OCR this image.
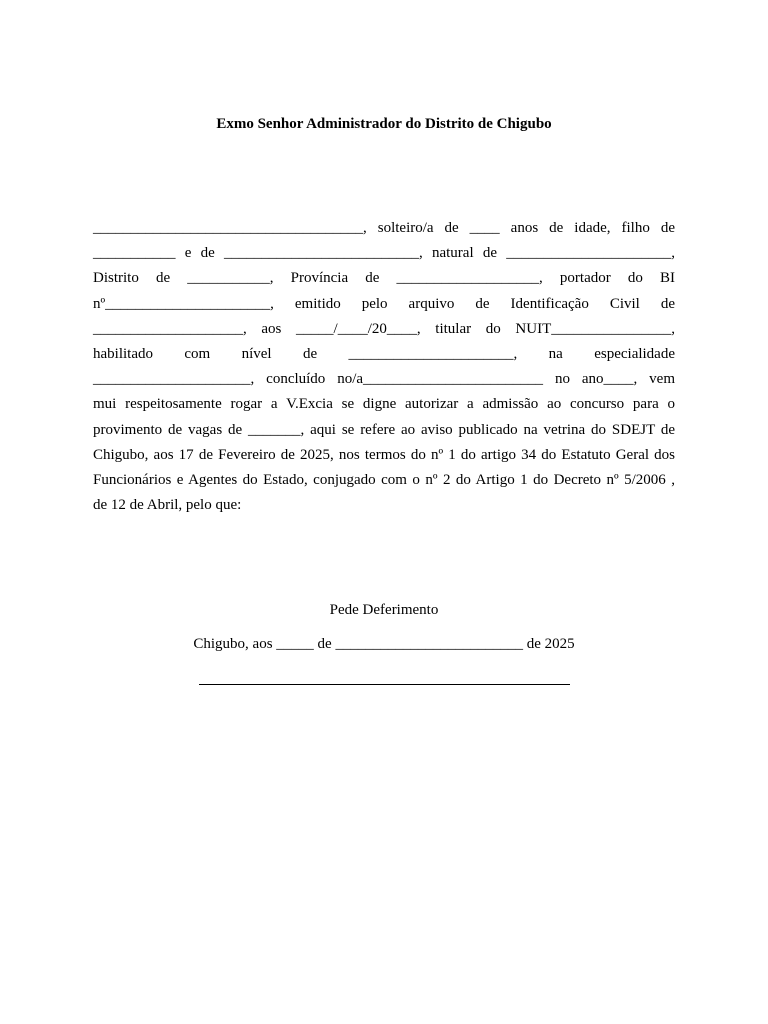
Exmo Senhor Administrador do Distrito de Chigubo
____________________________________, solteiro/a de ____ anos de idade, filho de
___________ e de __________________________, natural de ______________________,
Distrito de ___________, Província de ___________________, portador do BI
nº______________________, emitido pelo arquivo de Identificação Civil de
____________________, aos _____/____/20____, titular do NUIT________________,
habilitado com nível de ______________________, na especialidade
_____________________, concluído no/a________________________ no ano____, vem
mui respeitosamente rogar a V.Excia se digne autorizar a admissão ao concurso para o
provimento de vagas de _______, aqui se refere ao aviso publicado na vetrina do SDEJT de
Chigubo, aos 17 de Fevereiro de 2025, nos termos do nº 1 do artigo 34 do Estatuto Geral dos
Funcionários e Agentes do Estado, conjugado com o nº 2 do Artigo 1 do Decreto nº 5/2006 ,
de 12 de Abril, pelo que:
Pede Deferimento
Chigubo, aos _____ de _________________________ de 2025
